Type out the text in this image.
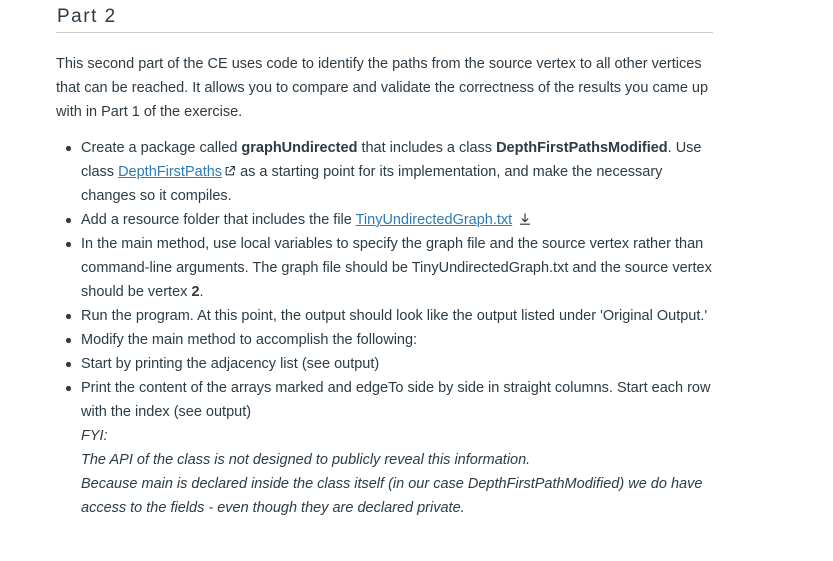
Part 2

This second part of the CE uses code to identify the paths from the source vertex to all other vertices that can be reached. It allows you to compare and validate the correctness of the results you came up with in Part 1 of the exercise.

Create a package called graphUndirected that includes a class DepthFirstPathsModified. Use class DepthFirstPaths as a starting point for its implementation, and make the necessary changes so it compiles.
Add a resource folder that includes the file TinyUndirectedGraph.txt
In the main method, use local variables to specify the graph file and the source vertex rather than command-line arguments. The graph file should be TinyUndirectedGraph.txt and the source vertex should be vertex 2.
Run the program. At this point, the output should look like the output listed under 'Original Output.'
Modify the main method to accomplish the following:
Start by printing the adjacency list (see output)
Print the content of the arrays marked and edgeTo side by side in straight columns. Start each row with the index (see output)
FYI:
The API of the class is not designed to publicly reveal this information.
Because main is declared inside the class itself (in our case DepthFirstPathModified) we do have access to the fields - even though they are declared private.
